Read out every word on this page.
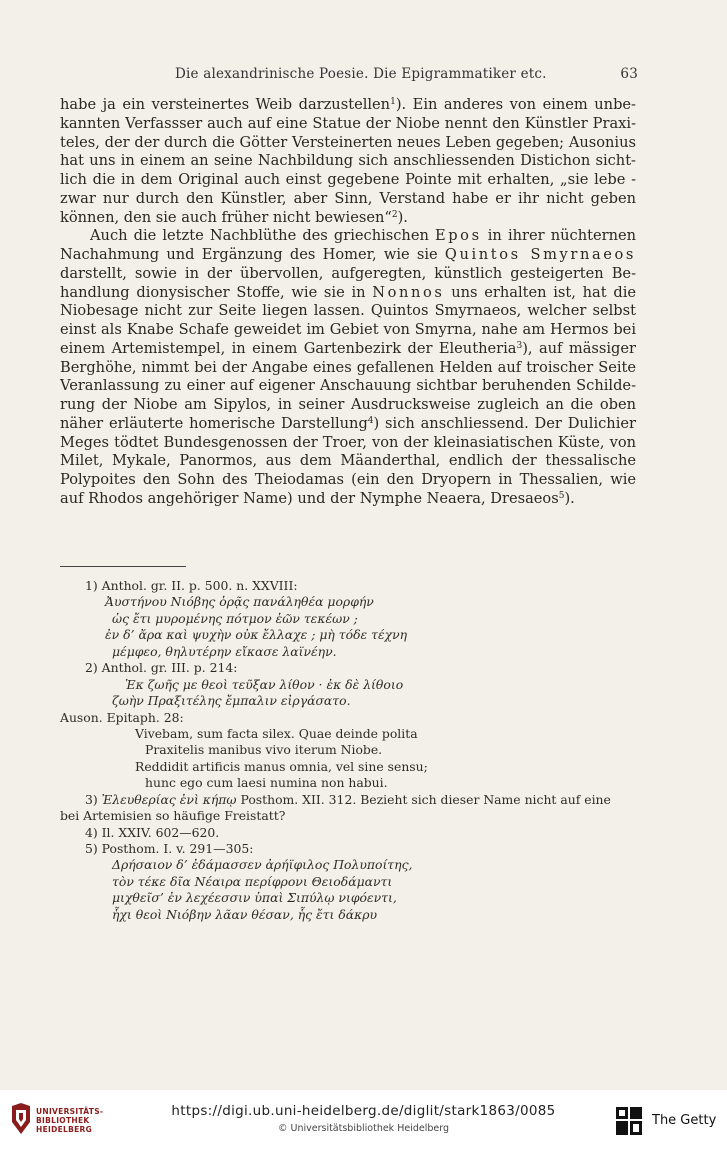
Die alexandrinische Poesie. Die Epigrammatiker etc.	63
habe ja ein versteinertes Weib darzustellen$^1$). Ein anderes von einem unbe-
kannten Verfassser auch auf eine Statue der Niobe nennt den Künstler Praxi-
teles, der der durch die Götter Versteinerten neues Leben gegeben; Ausonius
hat uns in einem an seine Nachbildung sich anschliessenden Distichon sicht-
lich die in dem Original auch einst gegebene Pointe mit erhalten, „sie lebe -
zwar nur durch den Künstler, aber Sinn, Verstand habe er ihr nicht geben
können, den sie auch früher nicht bewiesen“$^2$).
Auch die letzte Nachblüthe des griechischen Epos in ihrer nüchternen
Nachahmung und Ergänzung des Homer, wie sie Quintos Smyrnaeos
darstellt, sowie in der übervollen, aufgeregten, künstlich gesteigerten Be-
handlung dionysischer Stoffe, wie sie in Nonnos uns erhalten ist, hat die
Niobesage nicht zur Seite liegen lassen. Quintos Smyrnaeos, welcher selbst
einst als Knabe Schafe geweidet im Gebiet von Smyrna, nahe am Hermos bei
einem Artemistempel, in einem Gartenbezirk der Eleutheria$^3$), auf mässiger
Berghöhe, nimmt bei der Angabe eines gefallenen Helden auf troischer Seite
Veranlassung zu einer auf eigener Anschauung sichtbar beruhenden Schilde-
rung der Niobe am Sipylos, in seiner Ausdrucksweise zugleich an die oben
näher erläuterte homerische Darstellung$^4$) sich anschliessend. Der Dulichier
Meges tödtet Bundesgenossen der Troer, von der kleinasiatischen Küste, von
Milet, Mykale, Panormos, aus dem Mäanderthal, endlich der thessalische
Polypoites den Sohn des Theiodamas (ein den Dryopern in Thessalien, wie
auf Rhodos angehöriger Name) und der Nymphe Neaera, Dresaeos$^5$).
1) Anthol. gr. II. p. 500. n. XXVIII:
Ἀυστήνου Νιόβης ὁρᾷς πανάληθέα μορφήν
ὡς ἔτι μυρομένης πότμον ἑῶν τεκέων ;
ἐν δ’ ἄρα καὶ ψυχὴν οὐκ ἔλλαχε ; μὴ τόδε τέχνη
μέμφεο, θηλυτέρην εἴκασε λαϊνέην.
2) Anthol. gr. III. p. 214:
Ἐκ ζωῆς με θεοὶ τεῦξαν λίθον · ἐκ δὲ λίθοιο
ζωὴν Πραξιτέλης ἔμπαλιν εἰργάσατο.
Auson. Epitaph. 28:
Vivebam, sum facta silex. Quae deinde polita
Praxitelis manibus vivo iterum Niobe.
Reddidit artificis manus omnia, vel sine sensu;
hunc ego cum laesi numina non habui.
3) Ἐλευθερίας ἐνὶ κήπῳ Posthom. XII. 312. Bezieht sich dieser Name nicht auf eine
bei Artemisien so häufige Freistatt?
4) Il. XXIV. 602—620.
5) Posthom. I. v. 291—305:
Δρήσαιον δ’ ἐδάμασσεν ἀρήϊφιλος Πολυποίτης,
τὸν τέκε δῖα Νέαιρα περίφρονι Θειοδάμαντι
μιχθεῖσ’ ἐν λεχέεσσιν ὑπαὶ Σιπύλῳ νιφόεντι,
ἧχι θεοὶ Νιόβην λᾶαν θέσαν, ἧς ἔτι δάκρυ
UNIVERSITÄTS-
BIBLIOTHEK
HEIDELBERG
https://digi.ub.uni-heidelberg.de/diglit/stark1863/0085
© Universitätsbibliothek Heidelberg
The Getty
